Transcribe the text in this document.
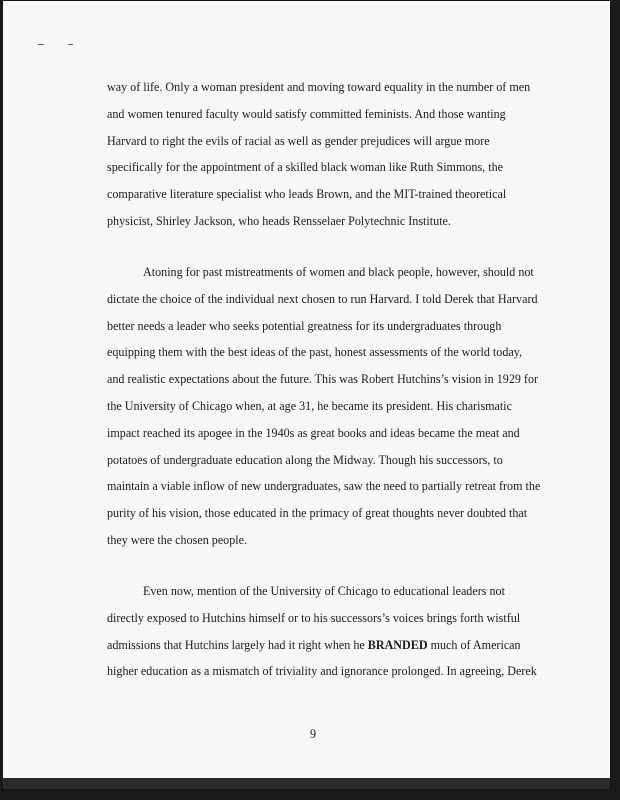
way of life. Only a woman president and moving toward equality in the number of men
and women tenured faculty would satisfy committed feminists. And those wanting
Harvard to right the evils of racial as well as gender prejudices will argue more
specifically for the appointment of a skilled black woman like Ruth Simmons, the
comparative literature specialist who leads Brown, and the MIT-trained theoretical
physicist, Shirley Jackson, who heads Rensselaer Polytechnic Institute.
Atoning for past mistreatments of women and black people, however, should not
dictate the choice of the individual next chosen to run Harvard. I told Derek that Harvard
better needs a leader who seeks potential greatness for its undergraduates through
equipping them with the best ideas of the past, honest assessments of the world today,
and realistic expectations about the future. This was Robert Hutchins’s vision in 1929 for
the University of Chicago when, at age 31, he became its president. His charismatic
impact reached its apogee in the 1940s as great books and ideas became the meat and
potatoes of undergraduate education along the Midway. Though his successors, to
maintain a viable inflow of new undergraduates, saw the need to partially retreat from the
purity of his vision, those educated in the primacy of great thoughts never doubted that
they were the chosen people.
Even now, mention of the University of Chicago to educational leaders not
directly exposed to Hutchins himself or to his successors’s voices brings forth wistful
admissions that Hutchins largely had it right when he BRANDED much of American
higher education as a mismatch of triviality and ignorance prolonged. In agreeing, Derek
9
